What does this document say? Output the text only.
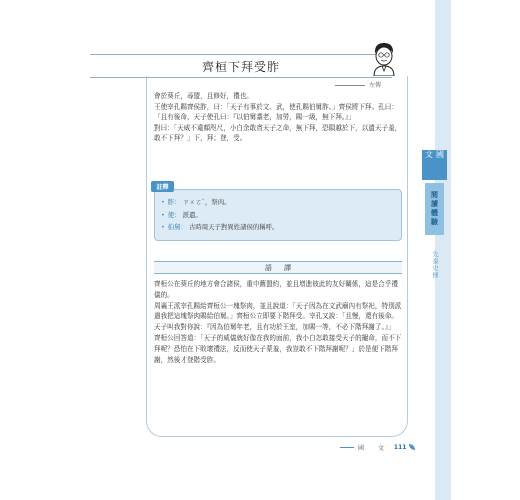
國 文
閱讀體驗
先秦史傳
齊桓下拜受胙
左傳

會於葵丘，尋盟，且修好，禮也。

王使宰孔賜齊侯胙，曰：「天子有事於文、武，使孔賜伯舅胙。」齊侯將下拜。孔曰：「且有後命，天子使孔曰：『以伯舅耋老，加勞，賜一級，無下拜。』」

對曰：「天威不違顏咫尺，小白余敢貪天子之命，無下拜，恐隕越於下，以遺天子羞，敢不下拜？」下，拜；登，受。

• 胙： ㄗㄨㄛˋ，祭肉。
• 使： 派遣。
• 伯舅： 古時周天子對異姓諸侯的稱呼。
註釋
語譯

齊桓公在葵丘的地方會合諸侯，重申舊盟約，並且增進彼此的友好關係，這是合乎禮儀的。

周襄王派宰孔賜給齊桓公一塊祭肉，並且說道：「天子因為在文武廟內有祭祀，特別派遣我把這塊祭肉賜給伯舅。」齊桓公立即要下階拜受。宰孔又說：「且慢，還有後命。天子叫我對你說：『因為伯舅年老，且有功於王室，加賜一等，不必下階拜謝了。』」

齊桓公回答道：「天子的威儀就好像在我的面前，我小白怎敢接受天子的寵命，而不下拜呢？恐怕在下敗壞禮法，反而使天子蒙羞，我豈敢不下階拜謝呢？」於是便下階拜謝，然後才登階受胙。

國 文 111
